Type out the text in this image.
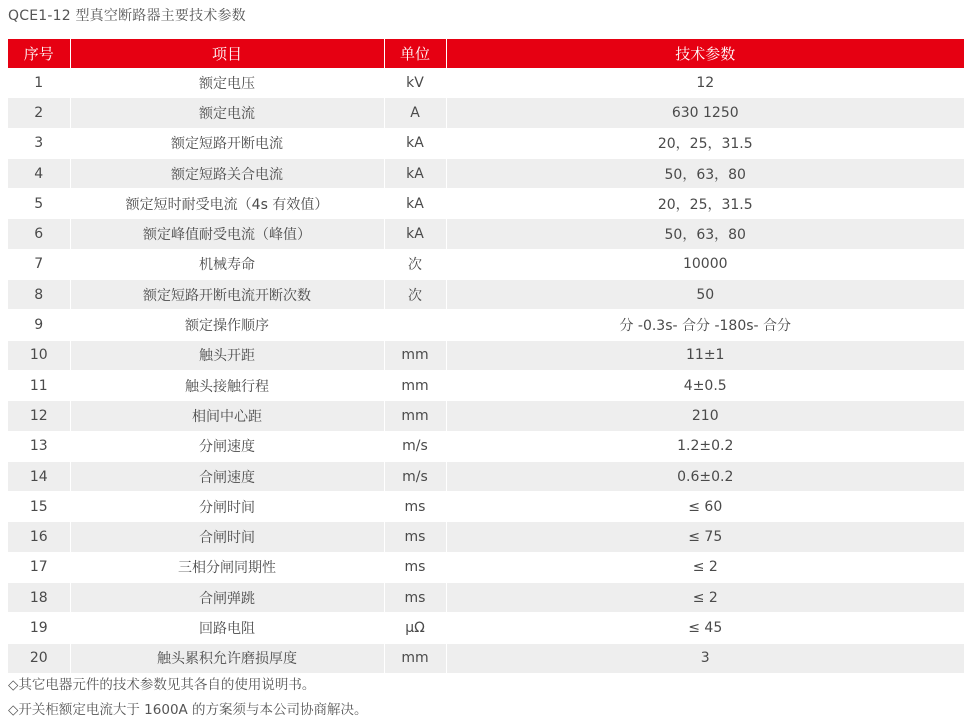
QCE1-12 型真空断路器主要技术参数
序号	项目	单位	技术参数
1	额定电压	kV	12
2	额定电流	A	630 1250
3	额定短路开断电流	kA	20，25，31.5
4	额定短路关合电流	kA	50，63，80
5	额定短时耐受电流（4s 有效值）	kA	20，25，31.5
6	额定峰值耐受电流（峰值）	kA	50，63，80
7	机械寿命	次	10000
8	额定短路开断电流开断次数	次	50
9	额定操作顺序		分 -0.3s- 合分 -180s- 合分
10	触头开距	mm	11±1
11	触头接触行程	mm	4±0.5
12	相间中心距	mm	210
13	分闸速度	m/s	1.2±0.2
14	合闸速度	m/s	0.6±0.2
15	分闸时间	ms	≤ 60
16	合闸时间	ms	≤ 75
17	三相分闸同期性	ms	≤ 2
18	合闸弹跳	ms	≤ 2
19	回路电阻	μΩ	≤ 45
20	触头累积允许磨损厚度	mm	3
◇其它电器元件的技术参数见其各自的使用说明书。
◇开关柜额定电流大于 1600A 的方案须与本公司协商解决。
